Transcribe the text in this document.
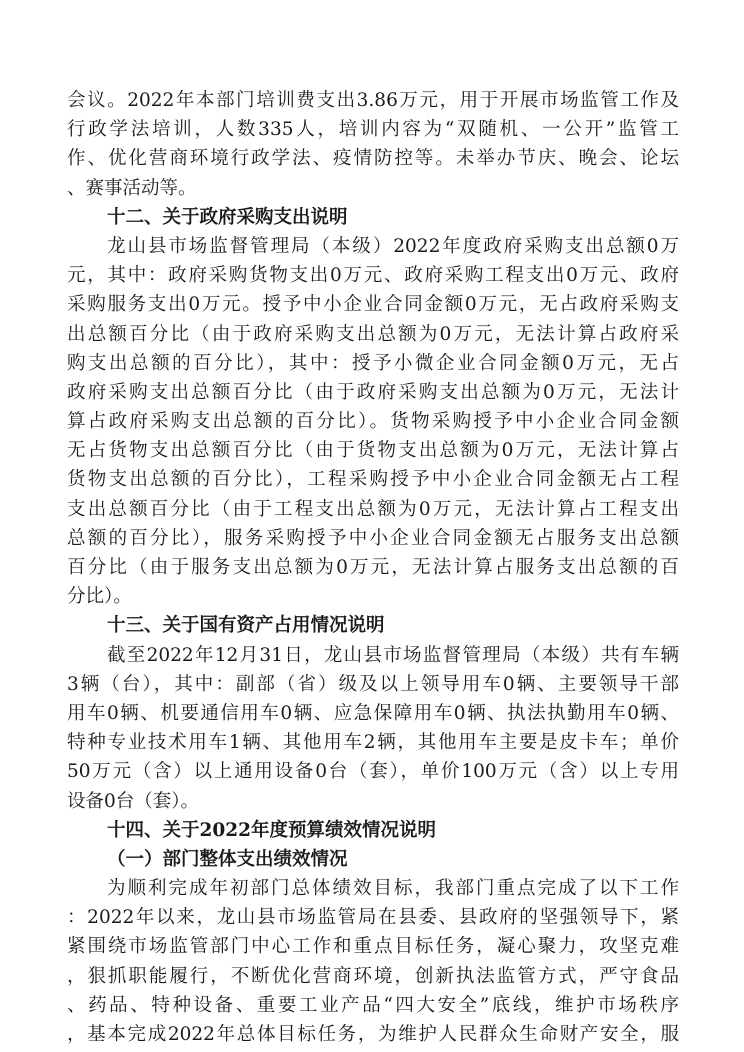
会议。2022年本部门培训费支出3.86万元，用于开展市场监管工作及
行政学法培训，人数335人，培训内容为“双随机、一公开”监管工
作、优化营商环境行政学法、疫情防控等。未举办节庆、晚会、论坛
、赛事活动等。
十二、关于政府采购支出说明
龙山县市场监督管理局（本级）2022年度政府采购支出总额0万
元，其中：政府采购货物支出0万元、政府采购工程支出0万元、政府
采购服务支出0万元。授予中小企业合同金额0万元，无占政府采购支
出总额百分比（由于政府采购支出总额为0万元，无法计算占政府采
购支出总额的百分比），其中：授予小微企业合同金额0万元，无占
政府采购支出总额百分比（由于政府采购支出总额为0万元，无法计
算占政府采购支出总额的百分比）。货物采购授予中小企业合同金额
无占货物支出总额百分比（由于货物支出总额为0万元，无法计算占
货物支出总额的百分比），工程采购授予中小企业合同金额无占工程
支出总额百分比（由于工程支出总额为0万元，无法计算占工程支出
总额的百分比），服务采购授予中小企业合同金额无占服务支出总额
百分比（由于服务支出总额为0万元，无法计算占服务支出总额的百
分比）。
十三、关于国有资产占用情况说明
截至2022年12月31日，龙山县市场监督管理局（本级）共有车辆
3辆（台），其中：副部（省）级及以上领导用车0辆、主要领导干部
用车0辆、机要通信用车0辆、应急保障用车0辆、执法执勤用车0辆、
特种专业技术用车1辆、其他用车2辆，其他用车主要是皮卡车；单价
50万元（含）以上通用设备0台（套），单价100万元（含）以上专用
设备0台（套）。
十四、关于2022年度预算绩效情况说明
（一）部门整体支出绩效情况
为顺利完成年初部门总体绩效目标，我部门重点完成了以下工作
：2022年以来，龙山县市场监管局在县委、县政府的坚强领导下，紧
紧围绕市场监管部门中心工作和重点目标任务，凝心聚力，攻坚克难
，狠抓职能履行，不断优化营商环境，创新执法监管方式，严守食品
、药品、特种设备、重要工业产品“四大安全”底线，维护市场秩序
，基本完成2022年总体目标任务，为维护人民群众生命财产安全，服
